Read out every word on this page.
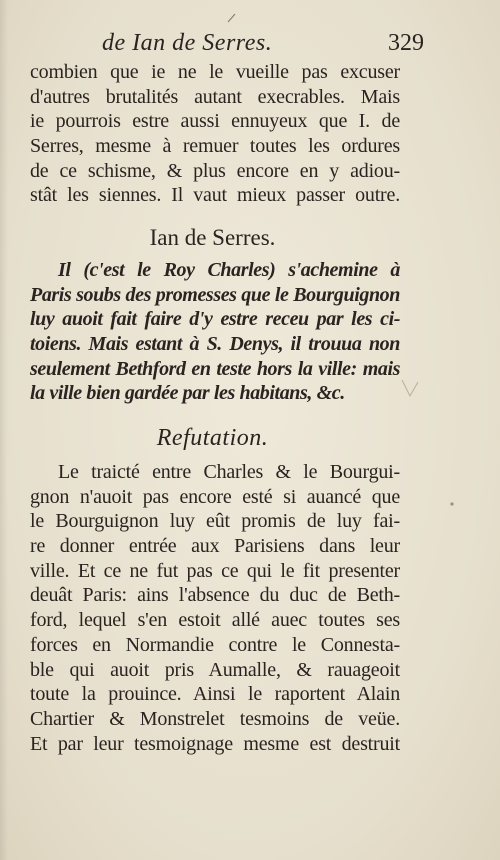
de Ian de Serres.	329
combien que ie ne le vueille pas excuser
d'autres brutalités autant execrables. Mais
ie pourrois estre aussi ennuyeux que I. de
Serres, mesme à remuer toutes les ordures
de ce schisme, & plus encore en y adiou-
stât les siennes. Il vaut mieux passer outre.
Ian de Serres.
Il (c'est le Roy Charles) s'achemine à
Paris soubs des promesses que le Bourguignon
luy auoit fait faire d'y estre receu par les ci-
toiens. Mais estant à S. Denys, il trouua non
seulement Bethford en teste hors la ville: mais
la ville bien gardée par les habitans, &c.
Refutation.
Le traicté entre Charles & le Bourgui-
gnon n'auoit pas encore esté si auancé que
le Bourguignon luy eût promis de luy fai-
re donner entrée aux Parisiens dans leur
ville. Et ce ne fut pas ce qui le fit presenter
deuât Paris: ains l'absence du duc de Beth-
ford, lequel s'en estoit allé auec toutes ses
forces en Normandie contre le Connesta-
ble qui auoit pris Aumalle, & rauageoit
toute la prouince. Ainsi le raportent Alain
Chartier & Monstrelet tesmoins de veüe.
Et par leur tesmoignage mesme est destruit
